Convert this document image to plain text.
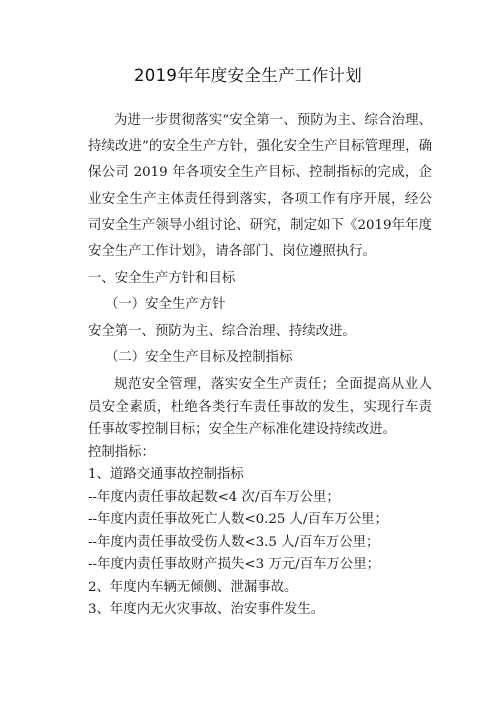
2019年年度安全生产工作计划

为进一步贯彻落实“安全第一、预防为主、综合治理、持续改进”的安全生产方针，强化安全生产目标管理理，确保公司 2019 年各项安全生产目标、控制指标的完成，企业安全生产主体责任得到落实，各项工作有序开展，经公司安全生产领导小组讨论、研究，制定如下《2019年年度安全生产工作计划》，请各部门、岗位遵照执行。

一、安全生产方针和目标

（一）安全生产方针

安全第一、预防为主、综合治理、持续改进。

（二）安全生产目标及控制指标

规范安全管理，落实安全生产责任；全面提高从业人员安全素质，杜绝各类行车责任事故的发生，实现行车责任事故零控制目标；安全生产标准化建设持续改进。

控制指标：

1、道路交通事故控制指标

--年度内责任事故起数<4 次/百车万公里；

--年度内责任事故死亡人数<0.25 人/百车万公里；

--年度内责任事故受伤人数<3.5 人/百车万公里；

--年度内责任事故财产损失<3 万元/百车万公里；

2、年度内车辆无倾侧、泄漏事故。

3、年度内无火灾事故、治安事件发生。
